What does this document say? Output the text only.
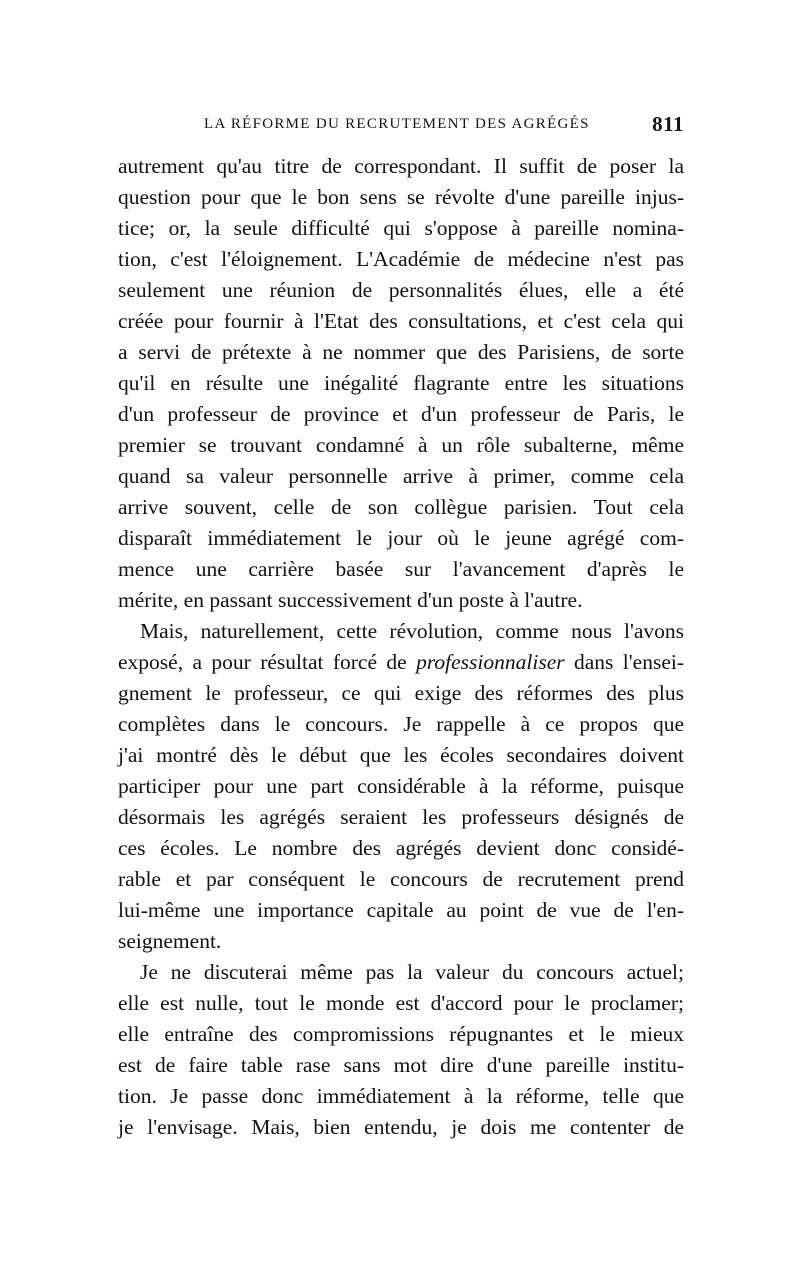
LA RÉFORME DU RECRUTEMENT DES AGRÉGÉS	811
autrement qu'au titre de correspondant. Il suffit de poser la
question pour que le bon sens se révolte d'une pareille injus-
tice; or, la seule difficulté qui s'oppose à pareille nomina-
tion, c'est l'éloignement. L'Académie de médecine n'est pas
seulement une réunion de personnalités élues, elle a été
créée pour fournir à l'Etat des consultations, et c'est cela qui
a servi de prétexte à ne nommer que des Parisiens, de sorte
qu'il en résulte une inégalité flagrante entre les situations
d'un professeur de province et d'un professeur de Paris, le
premier se trouvant condamné à un rôle subalterne, même
quand sa valeur personnelle arrive à primer, comme cela
arrive souvent, celle de son collègue parisien. Tout cela
disparaît immédiatement le jour où le jeune agrégé com-
mence une carrière basée sur l'avancement d'après le
mérite, en passant successivement d'un poste à l'autre.
Mais, naturellement, cette révolution, comme nous l'avons
exposé, a pour résultat forcé de professionnaliser dans l'ensei-
gnement le professeur, ce qui exige des réformes des plus
complètes dans le concours. Je rappelle à ce propos que
j'ai montré dès le début que les écoles secondaires doivent
participer pour une part considérable à la réforme, puisque
désormais les agrégés seraient les professeurs désignés de
ces écoles. Le nombre des agrégés devient donc considé-
rable et par conséquent le concours de recrutement prend
lui-même une importance capitale au point de vue de l'en-
seignement.
Je ne discuterai même pas la valeur du concours actuel;
elle est nulle, tout le monde est d'accord pour le proclamer;
elle entraîne des compromissions répugnantes et le mieux
est de faire table rase sans mot dire d'une pareille institu-
tion. Je passe donc immédiatement à la réforme, telle que
je l'envisage. Mais, bien entendu, je dois me contenter de
